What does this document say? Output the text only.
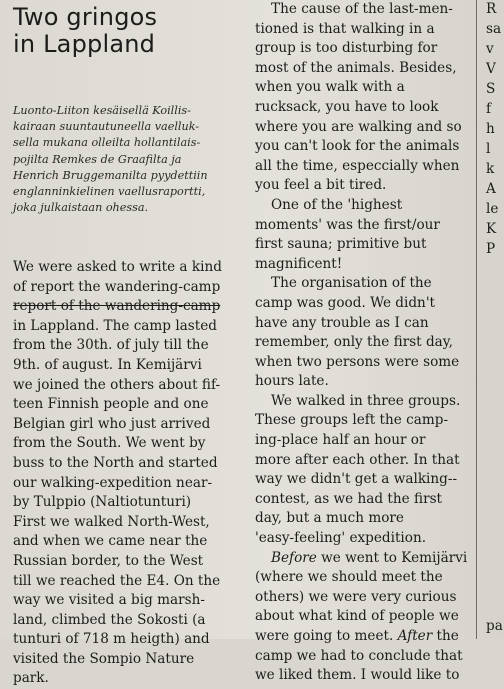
Two gringos
in Lappland

Luonto-Liiton kesäisellä Koillis-
kairaan suuntautuneella vaelluk-
sella mukana olleilta hollantilais-
pojilta Remkes de Graafilta ja
Henrich Bruggemanilta pyydettiin
englanninkielinen vaellusraportti,
joka julkaistaan ohessa.

We were asked to write a kind
of report the wandering-camp
report of the wandering-camp
in Lappland. The camp lasted
from the 30th. of july till the
9th. of august. In Kemijärvi
we joined the others about fif-
teen Finnish people and one
Belgian girl who just arrived
from the South. We went by
buss to the North and started
our walking-expedition near-
by Tulppio (Naltiotunturi)
First we walked North-West,
and when we came near the
Russian border, to the West
till we reached the E4. On the
way we visited a big marsh-
land, climbed the Sokosti (a
tunturi of 718 m heigth) and
visited the Sompio Nature
park.
The cause of the last-men-
tioned is that walking in a
group is too disturbing for
most of the animals. Besides,
when you walk with a
rucksack, you have to look
where you are walking and so
you can't look for the animals
all the time, especcially when
you feel a bit tired.
One of the 'highest
moments' was the first/our
first sauna; primitive but
magnificent!
The organisation of the
camp was good. We didn't
have any trouble as I can
remember, only the first day,
when two persons were some
hours late.
We walked in three groups.
These groups left the camp-
ing-place half an hour or
more after each other. In that
way we didn't get a walking--
contest, as we had the first
day, but a much more
'easy-feeling' expedition.
Before we went to Kemijärvi
(where we should meet the
others) we were very curious
about what kind of people we
were going to meet. After the
camp we had to conclude that
we liked them. I would like to
R
sa
v
V
S
f
h
l
k
A
le
K
P
pa
